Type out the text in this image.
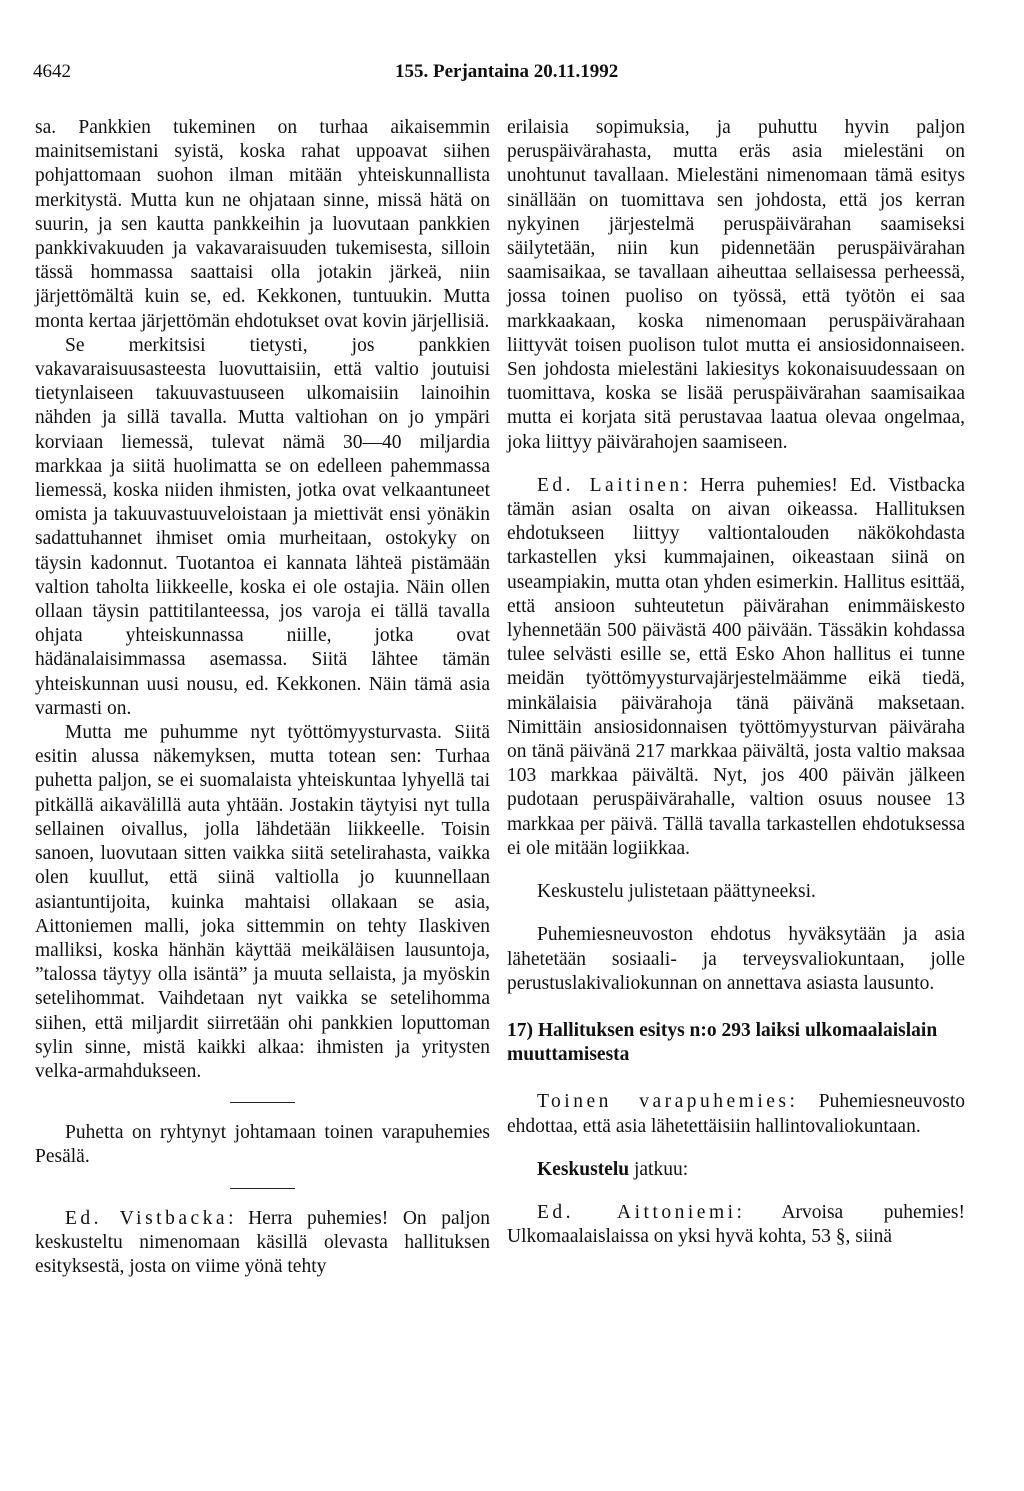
4642	155. Perjantaina 20.11.1992

sa. Pankkien tukeminen on turhaa aikaisemmin mainitsemistani syistä, koska rahat uppoavat siihen pohjattomaan suohon ilman mitään yhteiskunnallista merkitystä. Mutta kun ne ohjataan sinne, missä hätä on suurin, ja sen kautta pankkeihin ja luovutaan pankkien pankkivakuuden ja vakavaraisuuden tukemisesta, silloin tässä hommassa saattaisi olla jotakin järkeä, niin järjettömältä kuin se, ed. Kekkonen, tuntuukin. Mutta monta kertaa järjettömän ehdotukset ovat kovin järjellisiä.

Se merkitsisi tietysti, jos pankkien vakavaraisuusasteesta luovuttaisiin, että valtio joutuisi tietynlaiseen takuuvastuuseen ulkomaisiin lainoihin nähden ja sillä tavalla. Mutta valtiohan on jo ympäri korviaan liemessä, tulevat nämä 30—40 miljardia markkaa ja siitä huolimatta se on edelleen pahemmassa liemessä, koska niiden ihmisten, jotka ovat velkaantuneet omista ja takuuvastuuveloistaan ja miettivät ensi yönäkin sadattuhannet ihmiset omia murheitaan, ostokyky on täysin kadonnut. Tuotantoa ei kannata lähteä pistämään valtion taholta liikkeelle, koska ei ole ostajia. Näin ollen ollaan täysin pattitilanteessa, jos varoja ei tällä tavalla ohjata yhteiskunnassa niille, jotka ovat hädänalaisimmassa asemassa. Siitä lähtee tämän yhteiskunnan uusi nousu, ed. Kekkonen. Näin tämä asia varmasti on.

Mutta me puhumme nyt työttömyysturvasta. Siitä esitin alussa näkemyksen, mutta totean sen: Turhaa puhetta paljon, se ei suomalaista yhteiskuntaa lyhyellä tai pitkällä aikavälillä auta yhtään. Jostakin täytyisi nyt tulla sellainen oivallus, jolla lähdetään liikkeelle. Toisin sanoen, luovutaan sitten vaikka siitä setelirahasta, vaikka olen kuullut, että siinä valtiolla jo kuunnellaan asiantuntijoita, kuinka mahtaisi ollakaan se asia, Aittoniemen malli, joka sittemmin on tehty Ilaskiven malliksi, koska hänhän käyttää meikäläisen lausuntoja, ”talossa täytyy olla isäntä” ja muuta sellaista, ja myöskin setelihommat. Vaihdetaan nyt vaikka se setelihomma siihen, että miljardit siirretään ohi pankkien loputtoman sylin sinne, mistä kaikki alkaa: ihmisten ja yritysten velka-armahdukseen.

Puhetta on ryhtynyt johtamaan toinen varapuhemies Pesälä.

Ed. Vistbacka: Herra puhemies! On paljon keskusteltu nimenomaan käsillä olevasta hallituksen esityksestä, josta on viime yönä tehty

erilaisia sopimuksia, ja puhuttu hyvin paljon peruspäivärahasta, mutta eräs asia mielestäni on unohtunut tavallaan. Mielestäni nimenomaan tämä esitys sinällään on tuomittava sen johdosta, että jos kerran nykyinen järjestelmä peruspäivärahan saamiseksi säilytetään, niin kun pidennetään peruspäivärahan saamisaikaa, se tavallaan aiheuttaa sellaisessa perheessä, jossa toinen puoliso on työssä, että työtön ei saa markkaakaan, koska nimenomaan peruspäivärahaan liittyvät toisen puolison tulot mutta ei ansiosidonnaiseen. Sen johdosta mielestäni lakiesitys kokonaisuudessaan on tuomittava, koska se lisää peruspäivärahan saamisaikaa mutta ei korjata sitä perustavaa laatua olevaa ongelmaa, joka liittyy päivärahojen saamiseen.

Ed. Laitinen: Herra puhemies! Ed. Vistbacka tämän asian osalta on aivan oikeassa. Hallituksen ehdotukseen liittyy valtiontalouden näkökohdasta tarkastellen yksi kummajainen, oikeastaan siinä on useampiakin, mutta otan yhden esimerkin. Hallitus esittää, että ansioon suhteutetun päivärahan enimmäiskesto lyhennetään 500 päivästä 400 päivään. Tässäkin kohdassa tulee selvästi esille se, että Esko Ahon hallitus ei tunne meidän työttömyysturvajärjestelmäämme eikä tiedä, minkälaisia päivärahoja tänä päivänä maksetaan. Nimittäin ansiosidonnaisen työttömyysturvan päiväraha on tänä päivänä 217 markkaa päivältä, josta valtio maksaa 103 markkaa päivältä. Nyt, jos 400 päivän jälkeen pudotaan peruspäivärahalle, valtion osuus nousee 13 markkaa per päivä. Tällä tavalla tarkastellen ehdotuksessa ei ole mitään logiikkaa.

Keskustelu julistetaan päättyneeksi.

Puhemiesneuvoston ehdotus hyväksytään ja asia lähetetään sosiaali- ja terveysvaliokuntaan, jolle perustuslakivaliokunnan on annettava asiasta lausunto.

17) Hallituksen esitys n:o 293 laiksi ulkomaalaislain muuttamisesta

Toinen varapuhemies: Puhemiesneuvosto ehdottaa, että asia lähetettäisiin hallintovaliokuntaan.

Keskustelu jatkuu:

Ed. Aittoniemi: Arvoisa puhemies! Ulkomaalaislaissa on yksi hyvä kohta, 53 §, siinä
